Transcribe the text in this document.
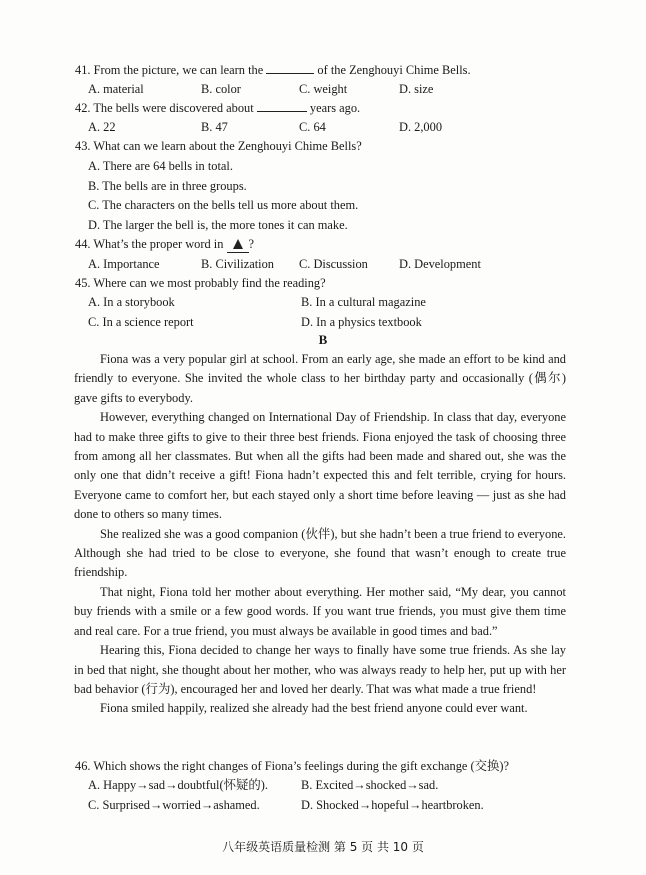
41. From the picture, we can learn the	of the Zenghouyi Chime Bells.
A. material	B. color	C. weight	D. size
42. The bells were discovered about	years ago.
A. 22	B. 47	C. 64	D. 2,000
43. What can we learn about the Zenghouyi Chime Bells?
A. There are 64 bells in total.
B. The bells are in three groups.
C. The characters on the bells tell us more about them.
D. The larger the bell is, the more tones it can make.
44. What’s the proper word in ?
A. Importance	B. Civilization C. Discussion	D. Development
45. Where can we most probably find the reading?
A. In a storybook	B. In a cultural magazine
C. In a science report	D. In a physics textbook
B

Fiona was a very popular girl at school. From an early age, she made an effort to be kind and friendly to everyone. She invited the whole class to her birthday party and occasionally (偶尔) gave gifts to everybody.

However, everything changed on International Day of Friendship. In class that day, everyone had to make three gifts to give to their three best friends. Fiona enjoyed the task of choosing three from among all her classmates. But when all the gifts had been made and shared out, she was the only one that didn’t receive a gift! Fiona hadn’t expected this and felt terrible, crying for hours. Everyone came to comfort her, but each stayed only a short time before leaving — just as she had done to others so many times.

She realized she was a good companion (伙伴), but she hadn’t been a true friend to everyone. Although she had tried to be close to everyone, she found that wasn’t enough to create true friendship.

That night, Fiona told her mother about everything. Her mother said, “My dear, you cannot buy friends with a smile or a few good words. If you want true friends, you must give them time and real care. For a true friend, you must always be available in good times and bad.”

Hearing this, Fiona decided to change her ways to finally have some true friends. As she lay in bed that night, she thought about her mother, who was always ready to help her, put up with her bad behavior (行为), encouraged her and loved her dearly. That was what made a true friend!

Fiona smiled happily, realized she already had the best friend anyone could ever want.

46. Which shows the right changes of Fiona’s feelings during the gift exchange (交换)?
A. Happy→sad→doubtful(怀疑的).	B. Excited→shocked→sad.
C. Surprised→worried→ashamed.	D. Shocked→hopeful→heartbroken.
八年级英语质量检测 第 5 页 共 10 页
